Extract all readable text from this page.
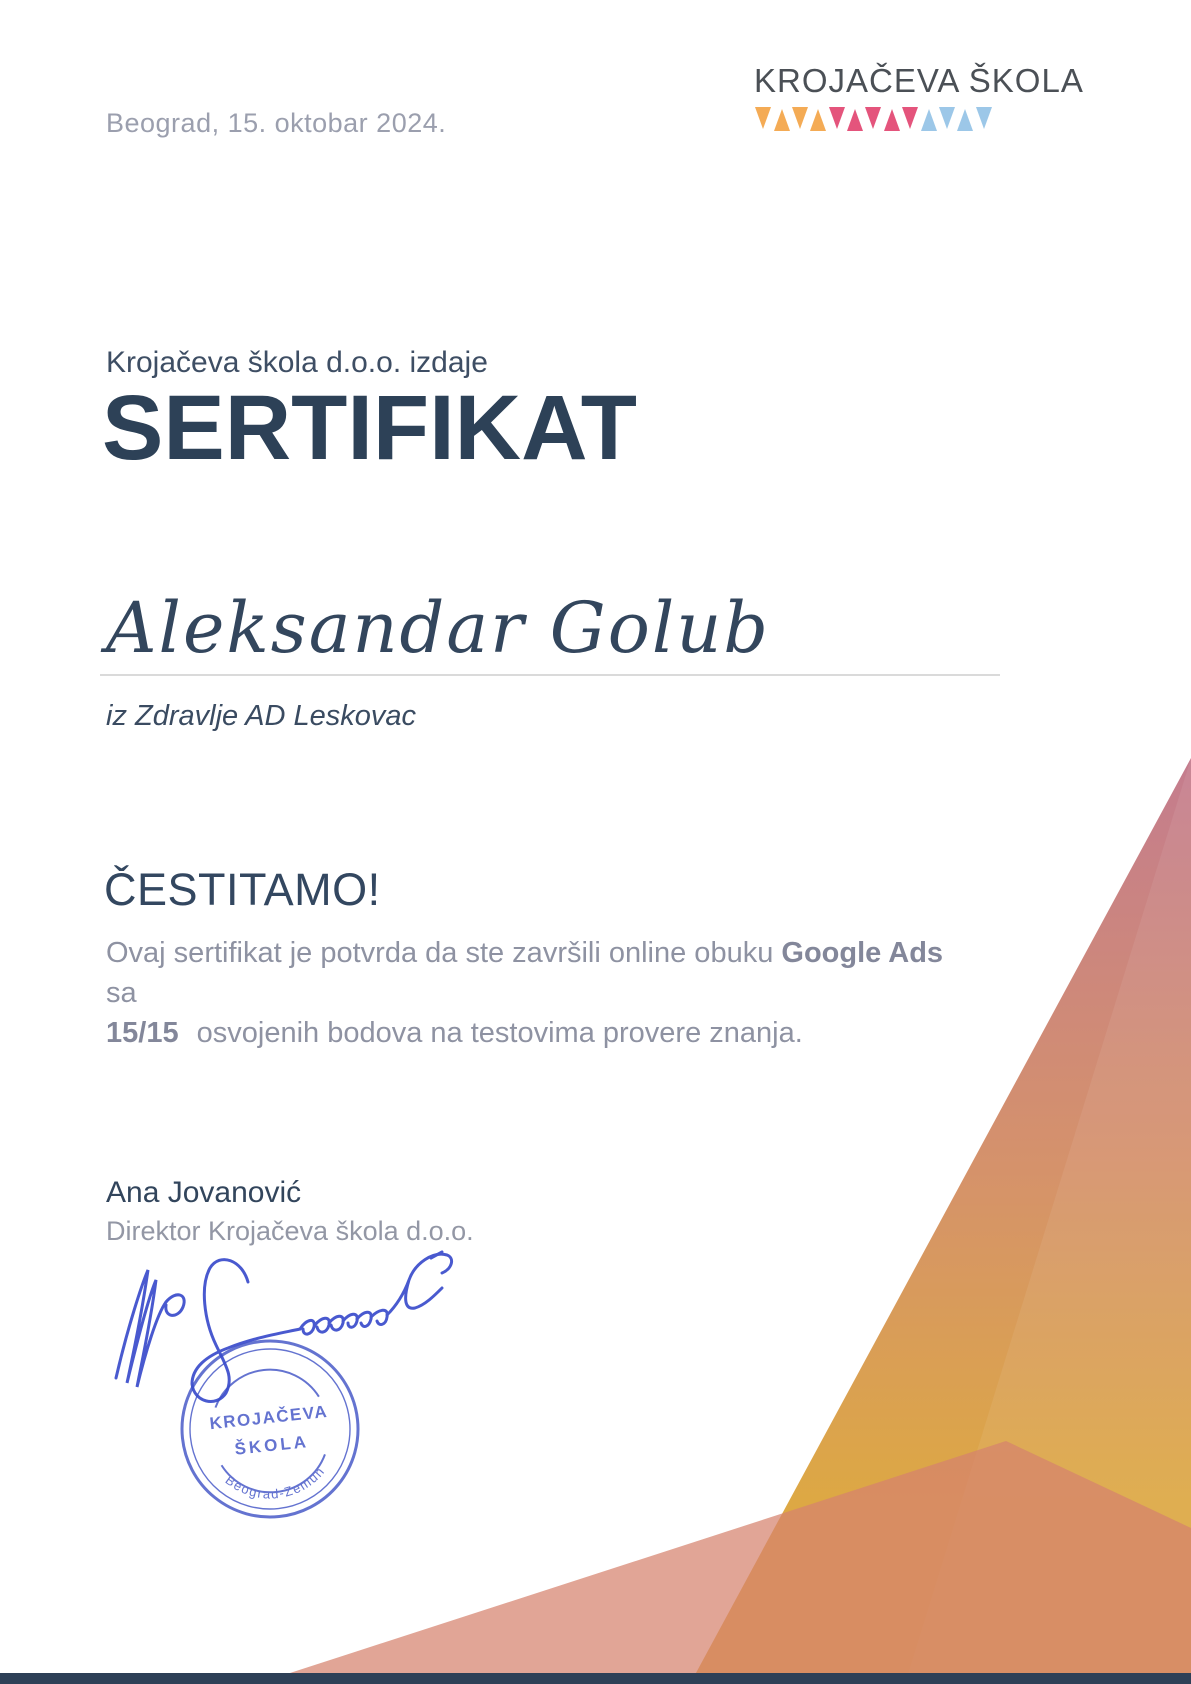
Beograd, 15. oktobar 2024.
KROJAČEVA ŠKOLA
Krojačeva škola d.o.o. izdaje
SERTIFIKAT
Aleksandar Golub
iz Zdravlje AD Leskovac
ČESTITAMO!

Ovaj sertifikat je potvrda da ste završili online obuku Google Ads sa
15/15 osvojenih bodova na testovima provere znanja.

Ana Jovanović
Direktor Krojačeva škola d.o.o.
KROJAČEVA
ŠKOLA
Beograd-Zemun
